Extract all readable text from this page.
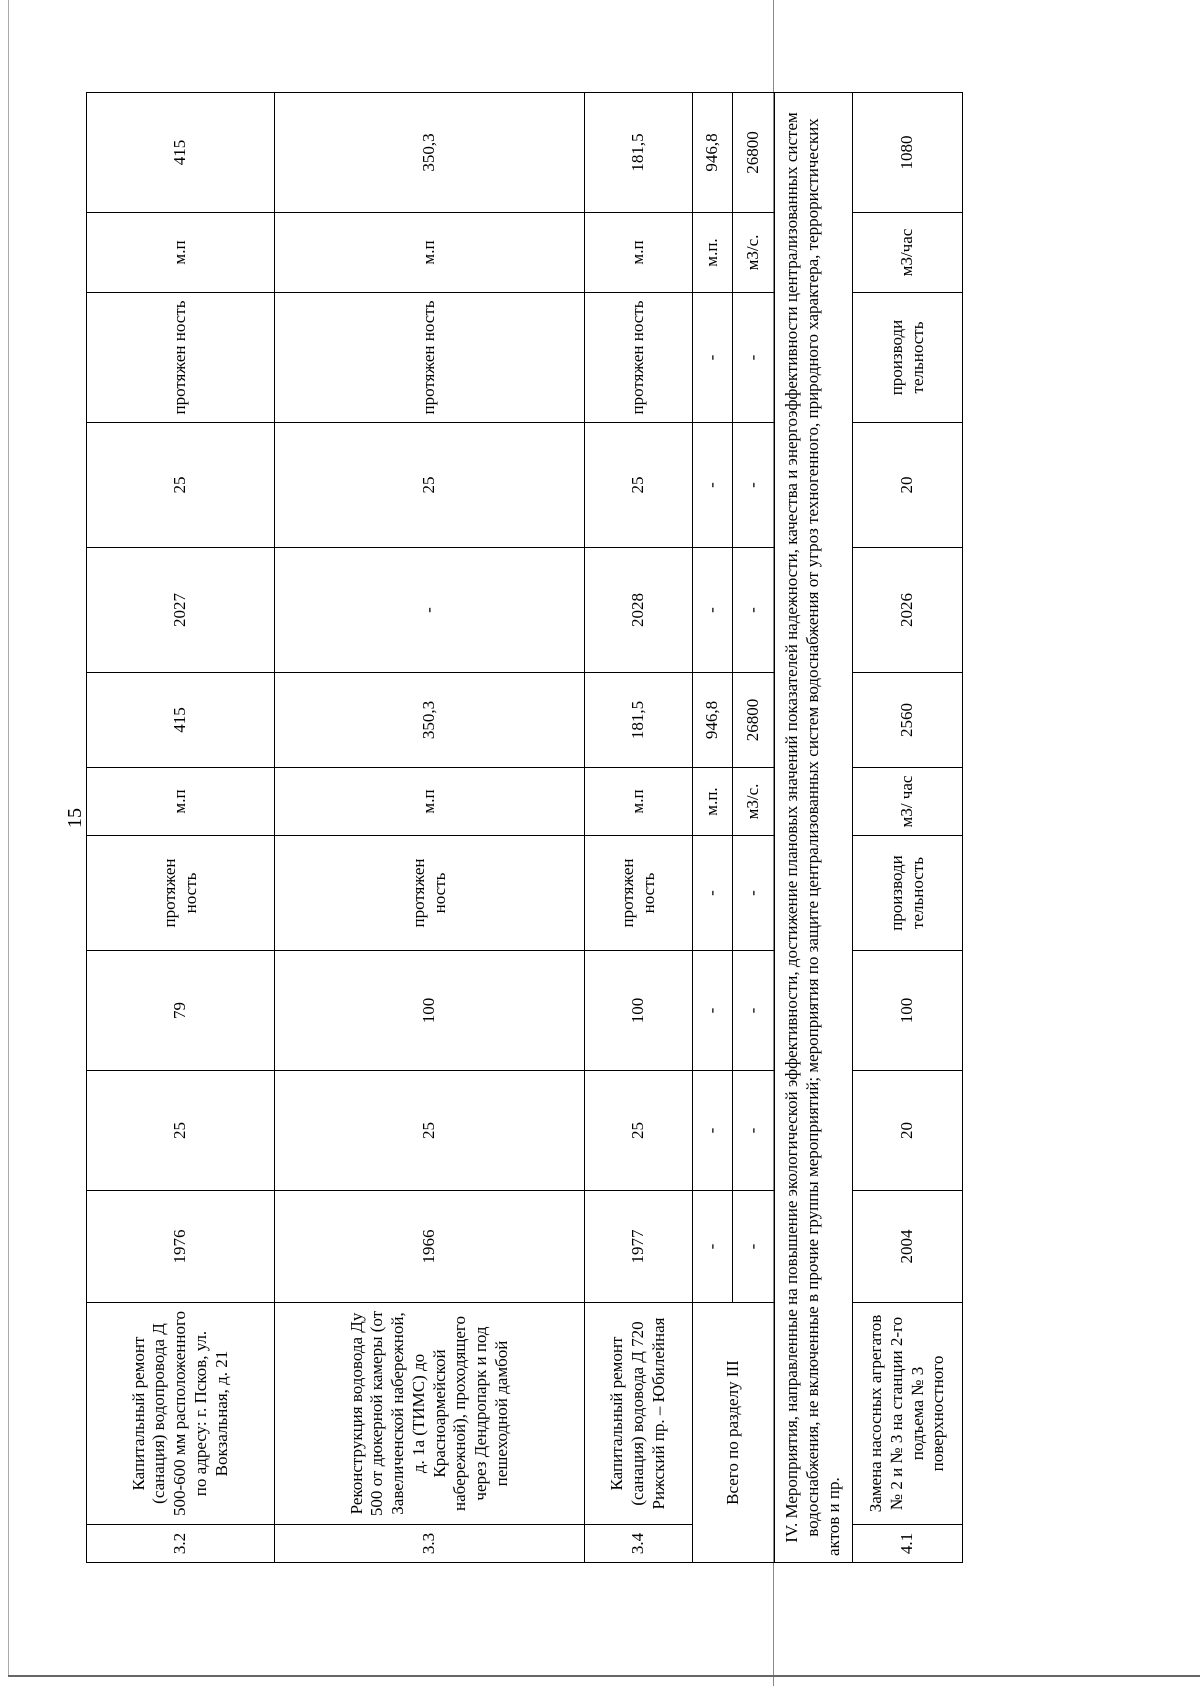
15
3.2	Капитальный ремонт (санация) водопровода Д 500-600 мм расположенного по адресу: г. Псков, ул. Вокзальная, д. 21	1976	25	79	протяжен ность	м.п	415	2027	25	протяжен ность	м.п	415
3.3	Реконструкция водовода Ду 500 от дюкерной камеры (от Завеличенской набережной, д. 1а (ТИМС) до Красноармейской набережной), проходящего через Дендропарк и под пешеходной дамбой	1966	25	100	протяжен ность	м.п	350,3	-	25	протяжен ность	м.п	350,3
3.4	Капитальный ремонт (санация) водовода Д 720 Рижский пр. – Юбилейная	1977	25	100	протяжен ность	м.п	181,5	2028	25	протяжен ность	м.п	181,5
Всего по разделу III		-	-	-	-	м.п.	946,8	-	-	-	м.п.	946,8
		-	-	-	-	м3/с.	26800	-	-	-	м3/с.	26800
IV. Мероприятия, направленные на повышение экологической эффективности, достижение плановых значений показателей надежности, качества и энергоэффективности централизованных систем водоснабжения, не включенные в прочие группы мероприятий; мероприятия по защите централизованных систем водоснабжения от угроз техногенного, природного характера, террористических актов и пр.												
4.1	Замена насосных агрегатов № 2 и № 3 на станции 2-го подъема № 3 поверхностного	2004	20	100	производи тельность	м3/ час	2560	2026	20	производи тельность	м3/час	1080
